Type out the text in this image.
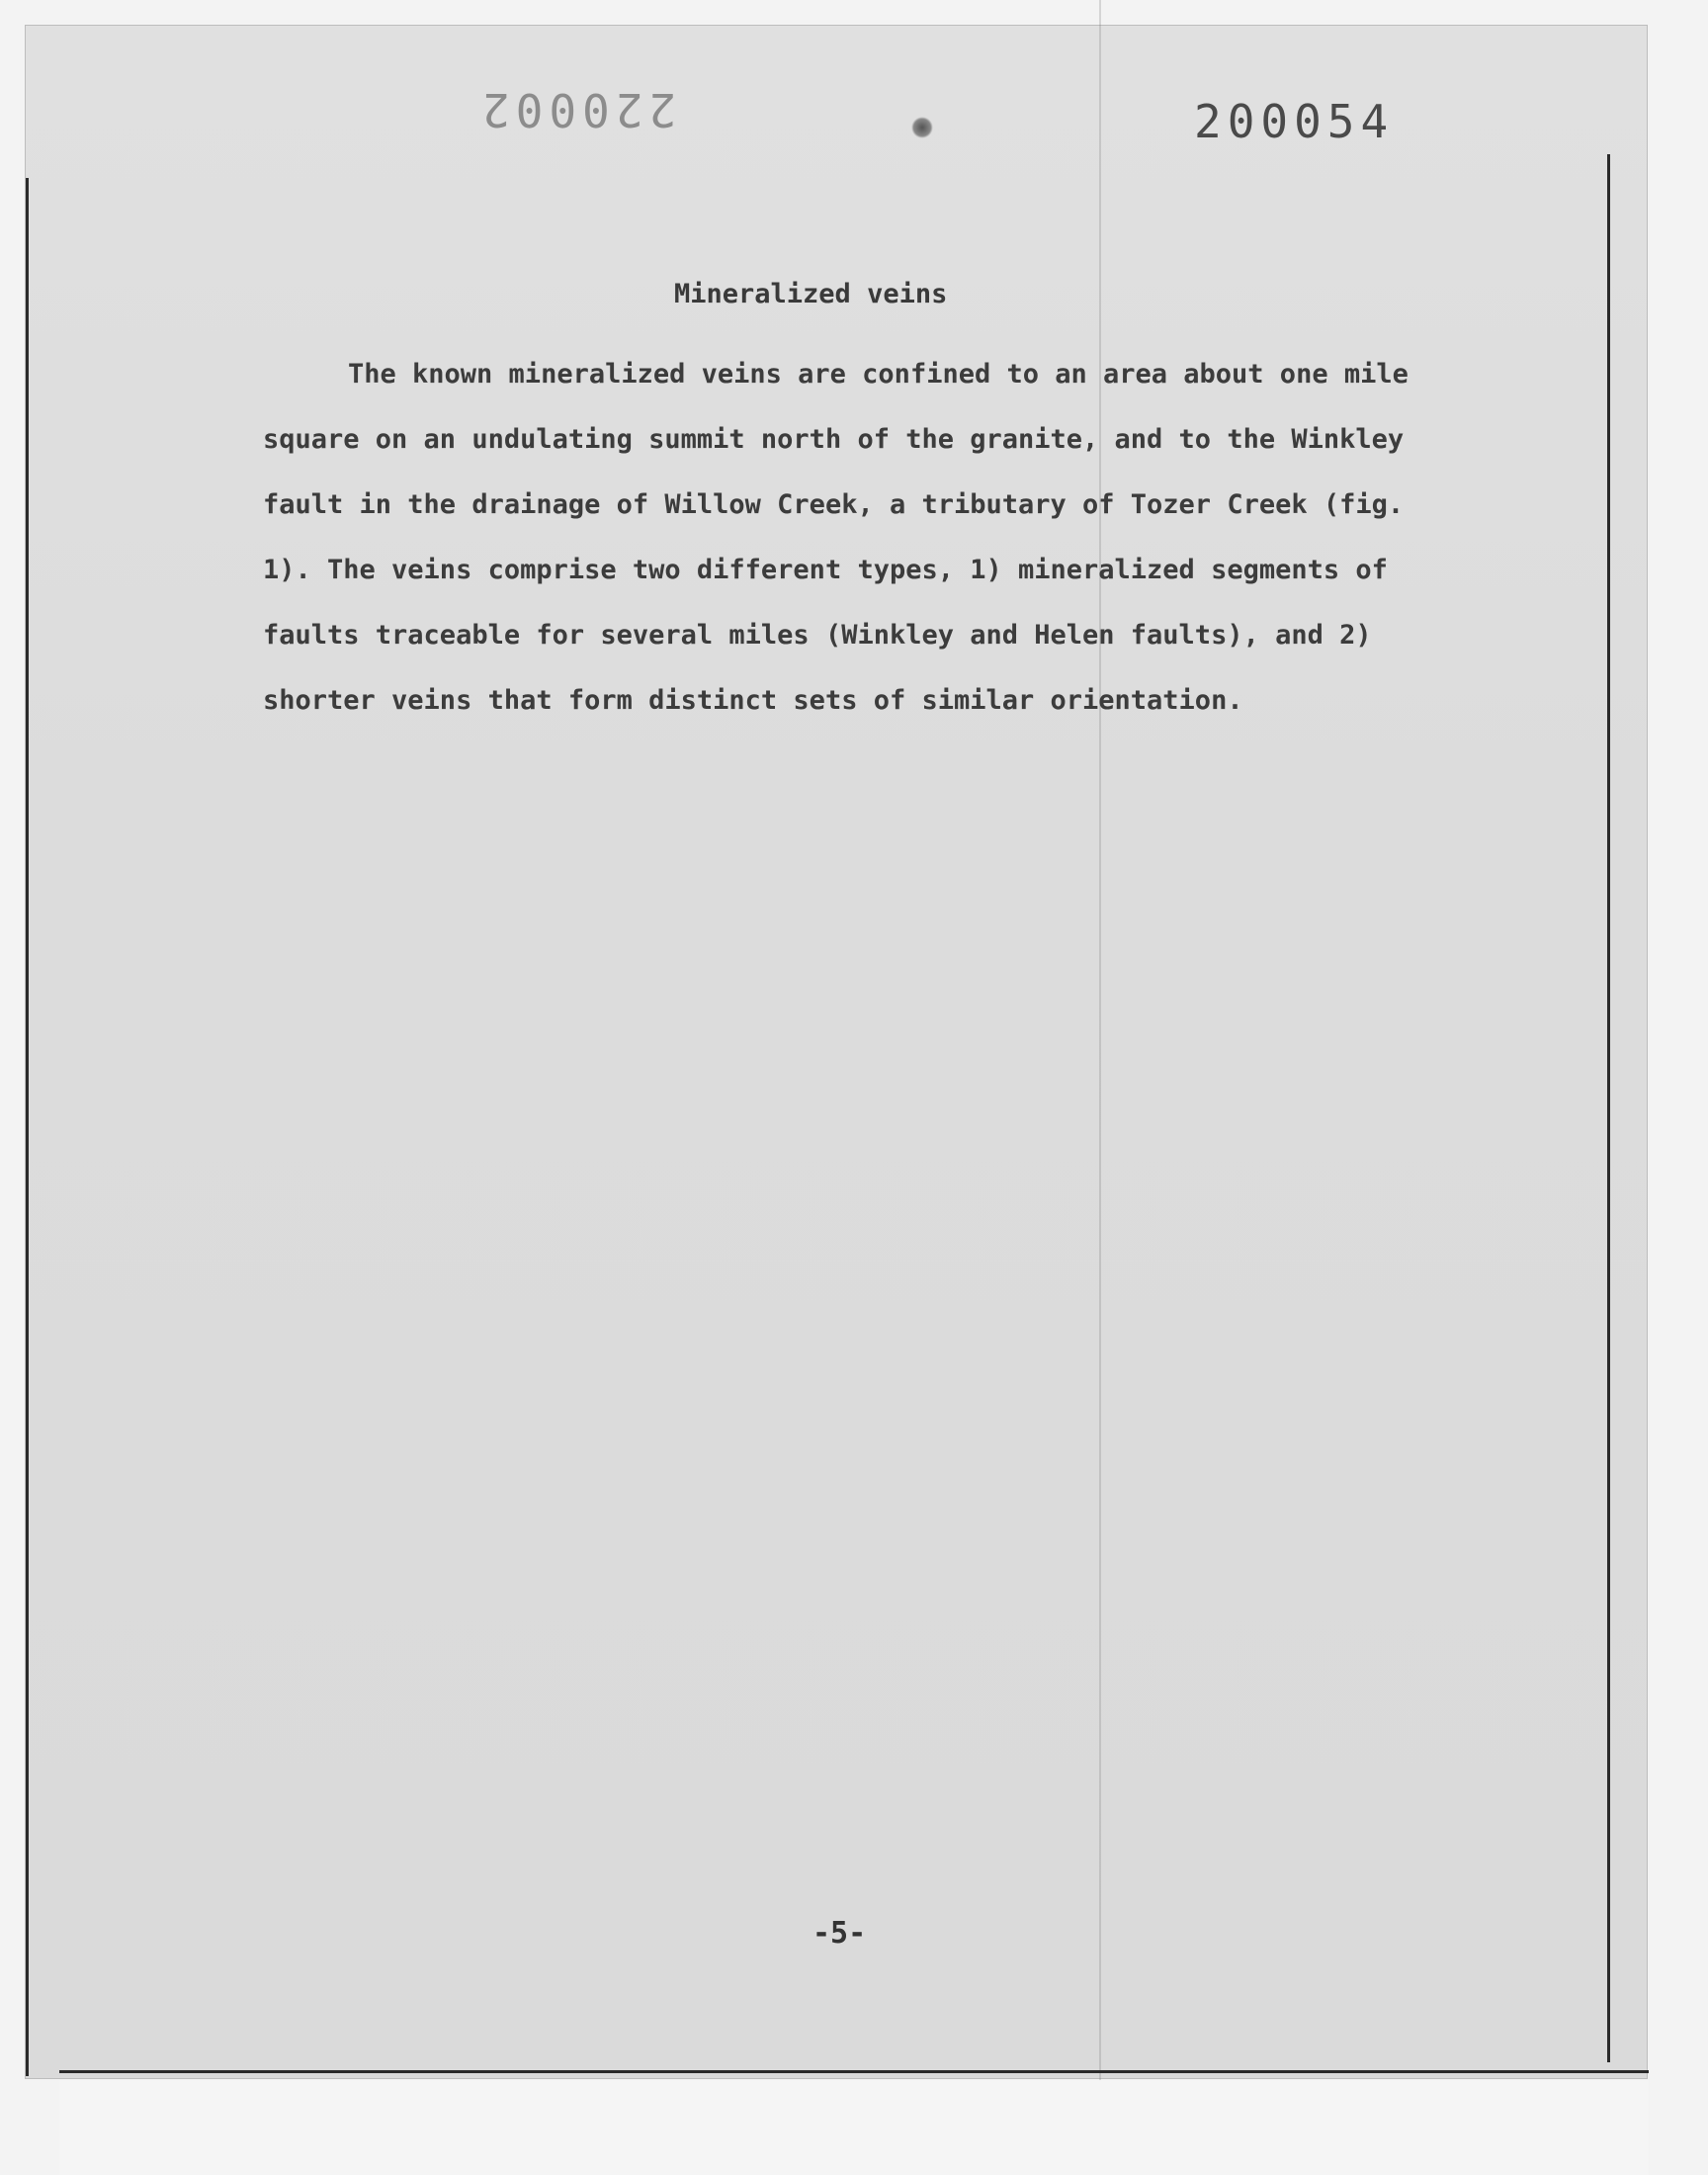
220002	200054
Mineralized veins
The known mineralized veins are confined to an area about one mile square on an undulating summit north of the granite, and to the Winkley fault in the drainage of Willow Creek, a tributary of Tozer Creek (fig. 1). The veins comprise two different types, 1) mineralized segments of faults traceable for several miles (Winkley and Helen faults), and 2) shorter veins that form distinct sets of similar orientation.
-5-
